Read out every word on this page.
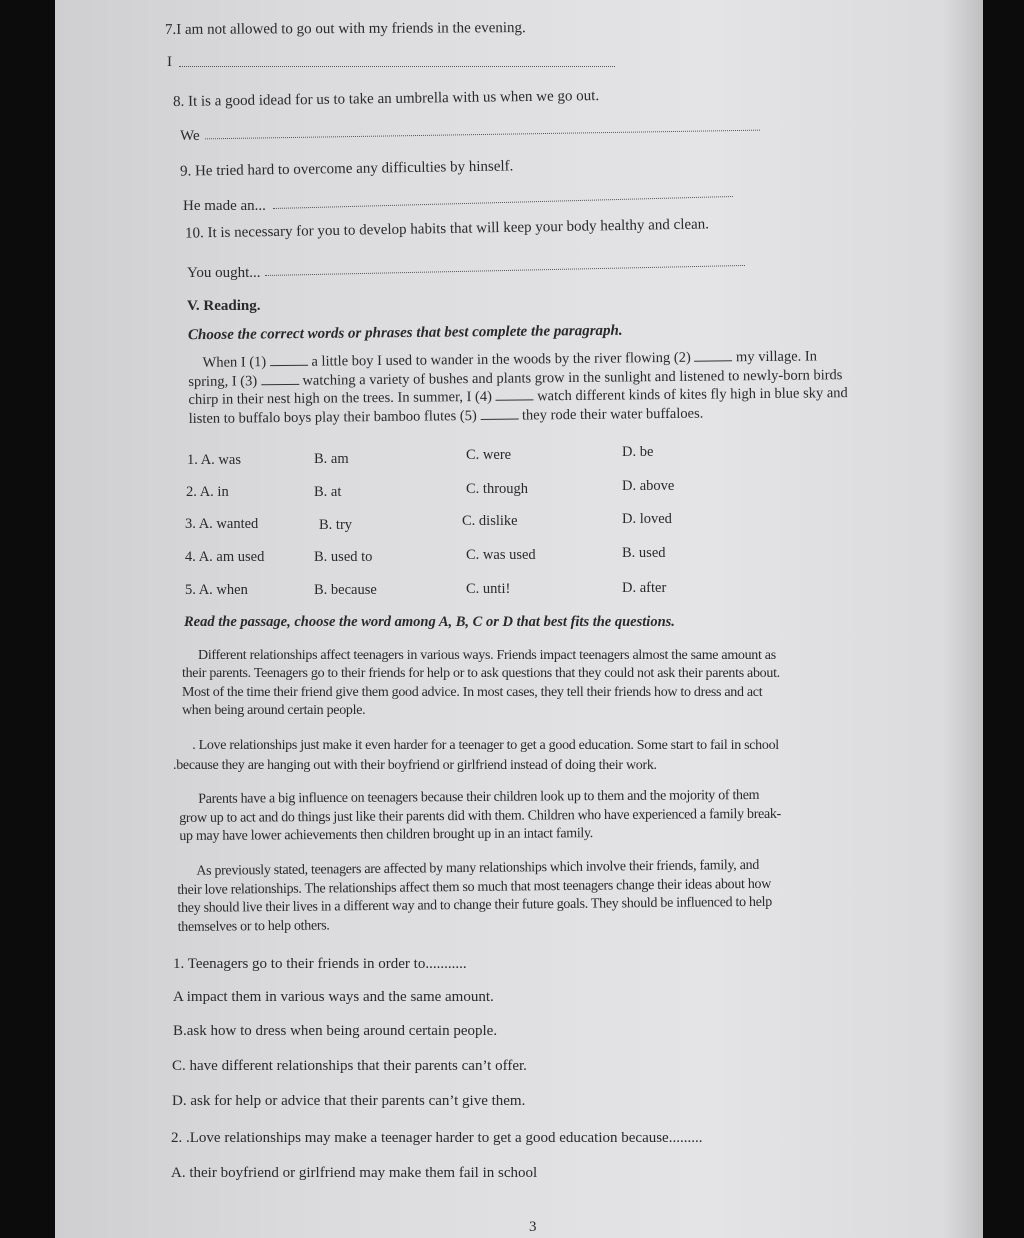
7.I am not allowed to go out with my friends in the evening.
I
8. It is a good idead for us to take an umbrella with us when we go out.
We
9. He tried hard to overcome any difficulties by hinself.
He made an...
10. It is necessary for you to develop habits that will keep your body healthy and clean.
You ought...
V. Reading.
Choose the correct words or phrases that best complete the paragraph.

When I (1)	a little boy I used to wander in the woods by the river flowing (2)	my village. In

spring, I (3)	watching a variety of bushes and plants grow in the sunlight and listened to newly-born birds

chirp in their nest high on the trees. In summer, I (4)	watch different kinds of kites fly high in blue sky and

listen to buffalo boys play their bamboo flutes (5)	they rode their water buffaloes.

1. A. was	B. am	C. were	D. be
2. A. in	B. at	C. through	D. above
3. A. wanted	B. try	C. dislike	D. loved
4. A. am used	B. used to	C. was used	B. used
5. A. when	B. because	C. unti!	D. after
Read the passage, choose the word among A, B, C or D that best fits the questions.

Different relationships affect teenagers in various ways. Friends impact teenagers almost the same amount as

their parents. Teenagers go to their friends for help or to ask questions that they could not ask their parents about.

Most of the time their friend give them good advice. In most cases, they tell their friends how to dress and act

when being around certain people.

. Love relationships just make it even harder for a teenager to get a good education. Some start to fail in school

.because they are hanging out with their boyfriend or girlfriend instead of doing their work.

Parents have a big influence on teenagers because their children look up to them and the mojority of them

grow up to act and do things just like their parents did with them. Children who have experienced a family break-

up may have lower achievements then children brought up in an intact family.

As previously stated, teenagers are affected by many relationships which involve their friends, family, and

their love relationships. The relationships affect them so much that most teenagers change their ideas about how

they should live their lives in a different way and to change their future goals. They should be influenced to help

themselves or to help others.

1. Teenagers go to their friends in order to...........
A impact them in various ways and the same amount.
B.ask how to dress when being around certain people.
C. have different relationships that their parents can’t offer.
D. ask for help or advice that their parents can’t give them.
2. .Love relationships may make a teenager harder to get a good education because.........
A. their boyfriend or girlfriend may make them fail in school
3
